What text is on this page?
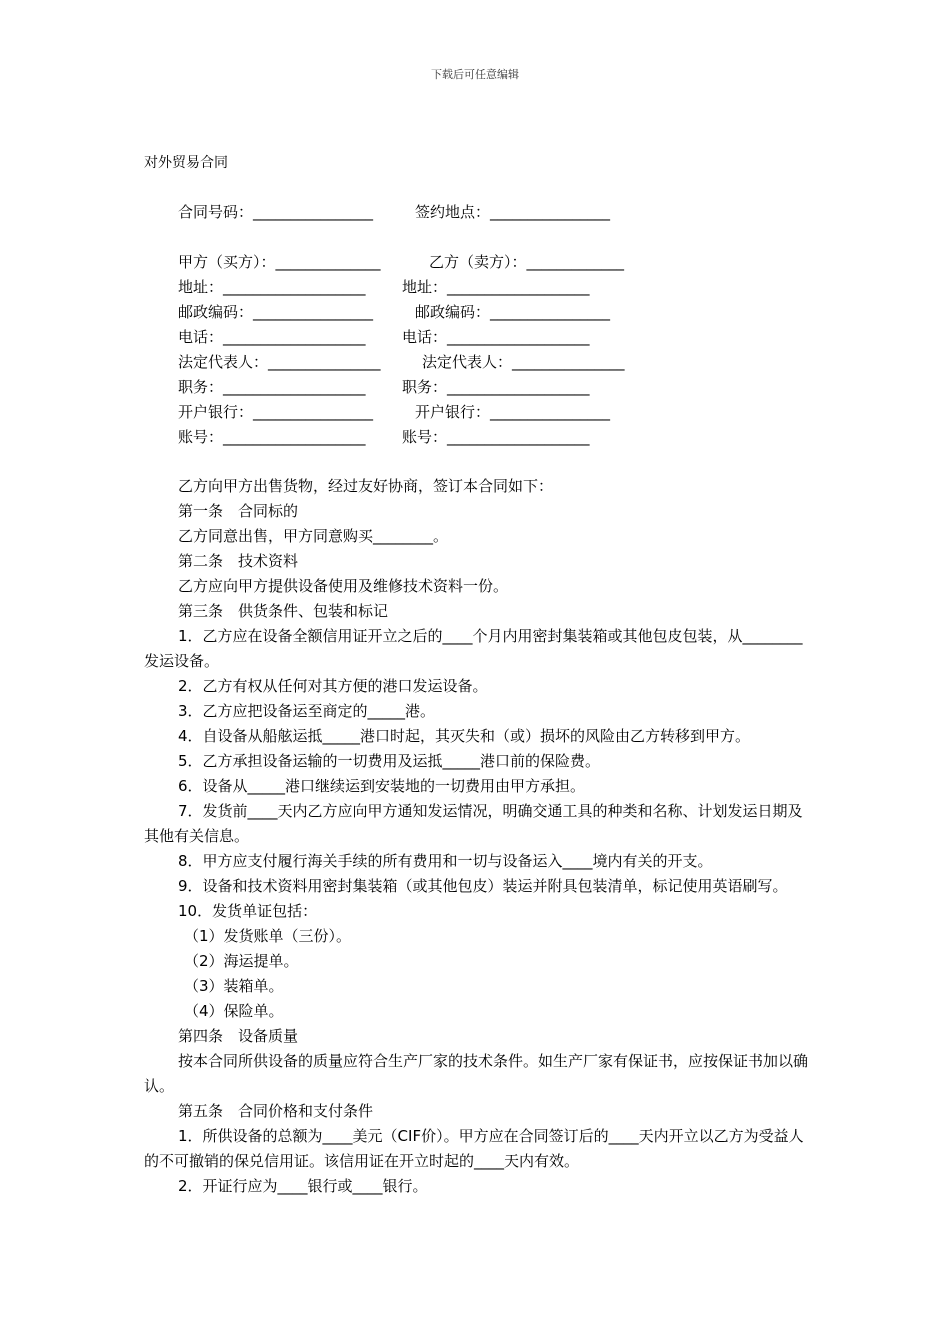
下载后可任意编辑
对外贸易合同
合同号码：________________	签约地点：________________
甲方（买方）：______________	乙方（卖方）：_____________
地址：___________________ 地址：___________________
邮政编码：________________	邮政编码：________________
电话：___________________ 电话：___________________
法定代表人：_______________	法定代表人：_______________
职务：___________________ 职务：___________________
开户银行：________________	开户银行：________________
账号：___________________ 账号：___________________
乙方向甲方出售货物，经过友好协商，签订本合同如下：
第一条　合同标的
乙方同意出售，甲方同意购买________。
第二条　技术资料
乙方应向甲方提供设备使用及维修技术资料一份。
第三条　供货条件、包装和标记
1．乙方应在设备全额信用证开立之后的____个月内用密封集装箱或其他包皮包装，从________发运设备。
2．乙方有权从任何对其方便的港口发运设备。
3．乙方应把设备运至商定的_____港。
4．自设备从船舷运抵_____港口时起，其灭失和（或）损坏的风险由乙方转移到甲方。
5．乙方承担设备运输的一切费用及运抵_____港口前的保险费。
6．设备从_____港口继续运到安装地的一切费用由甲方承担。
7．发货前____天内乙方应向甲方通知发运情况，明确交通工具的种类和名称、计划发运日期及其他有关信息。
8．甲方应支付履行海关手续的所有费用和一切与设备运入____境内有关的开支。
9．设备和技术资料用密封集装箱（或其他包皮）装运并附具包装清单，标记使用英语刷写。
10．发货单证包括：
（1）发货账单（三份）。
（2）海运提单。
（3）装箱单。
（4）保险单。
第四条　设备质量
按本合同所供设备的质量应符合生产厂家的技术条件。如生产厂家有保证书，应按保证书加以确认。
第五条　合同价格和支付条件
1．所供设备的总额为____美元（CIF价）。甲方应在合同签订后的____天内开立以乙方为受益人的不可撤销的保兑信用证。该信用证在开立时起的____天内有效。
2．开证行应为____银行或____银行。
